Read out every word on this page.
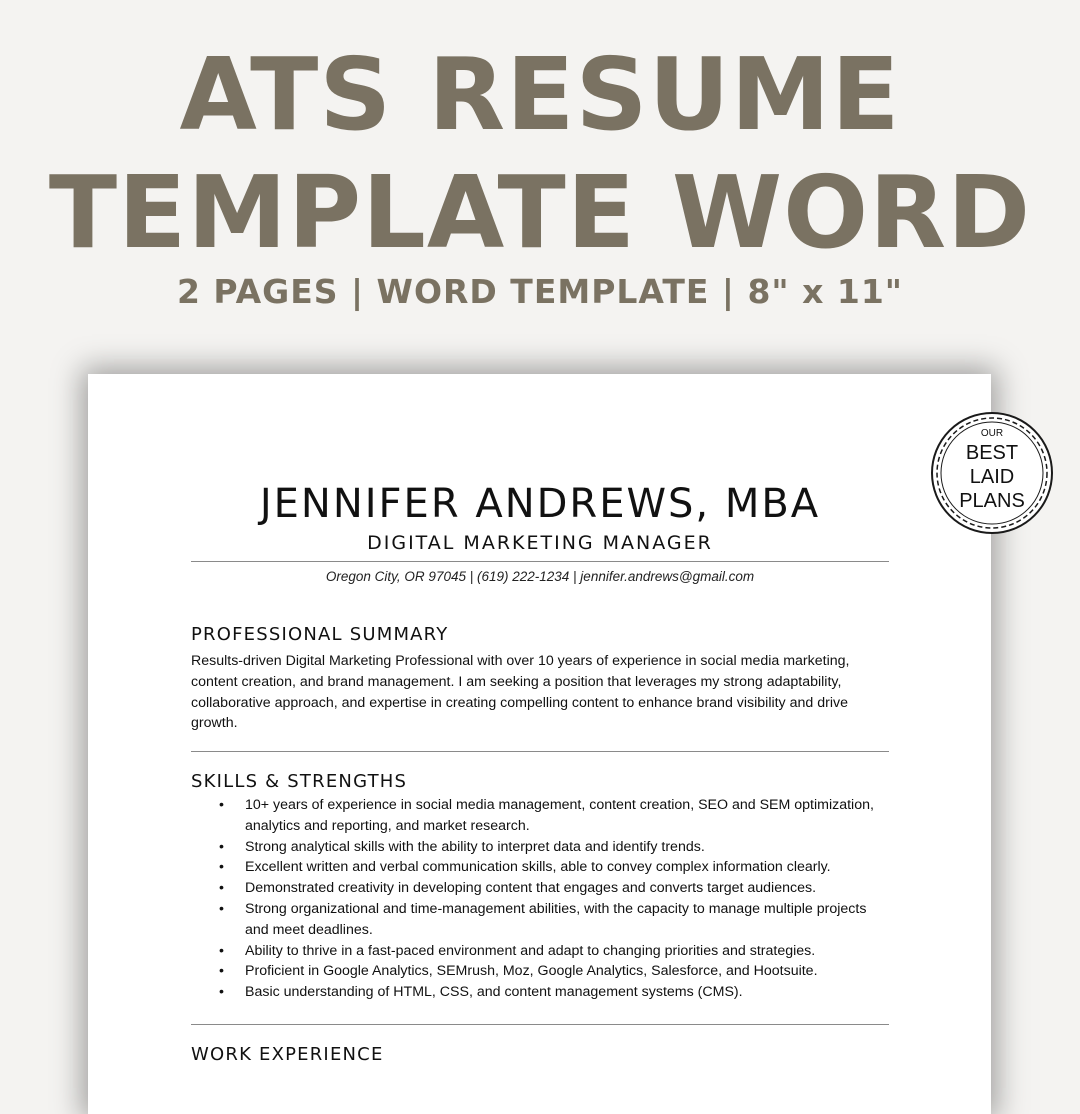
ATS RESUME
TEMPLATE WORD
2 PAGES | WORD TEMPLATE | 8" x 11"
JENNIFER ANDREWS, MBA
DIGITAL MARKETING MANAGER
Oregon City, OR 97045 | (619) 222-1234 | jennifer.andrews@gmail.com
PROFESSIONAL SUMMARY
Results-driven Digital Marketing Professional with over 10 years of experience in social media marketing, content creation, and brand management. I am seeking a position that leverages my strong adaptability, collaborative approach, and expertise in creating compelling content to enhance brand visibility and drive growth.
SKILLS & STRENGTHS
• 10+ years of experience in social media management, content creation, SEO and SEM optimization, analytics and reporting, and market research.
• Strong analytical skills with the ability to interpret data and identify trends.
• Excellent written and verbal communication skills, able to convey complex information clearly.
• Demonstrated creativity in developing content that engages and converts target audiences.
• Strong organizational and time-management abilities, with the capacity to manage multiple projects and meet deadlines.
• Ability to thrive in a fast-paced environment and adapt to changing priorities and strategies.
• Proficient in Google Analytics, SEMrush, Moz, Google Analytics, Salesforce, and Hootsuite.
• Basic understanding of HTML, CSS, and content management systems (CMS).
WORK EXPERIENCE
OUR
BEST
LAID
PLANS
